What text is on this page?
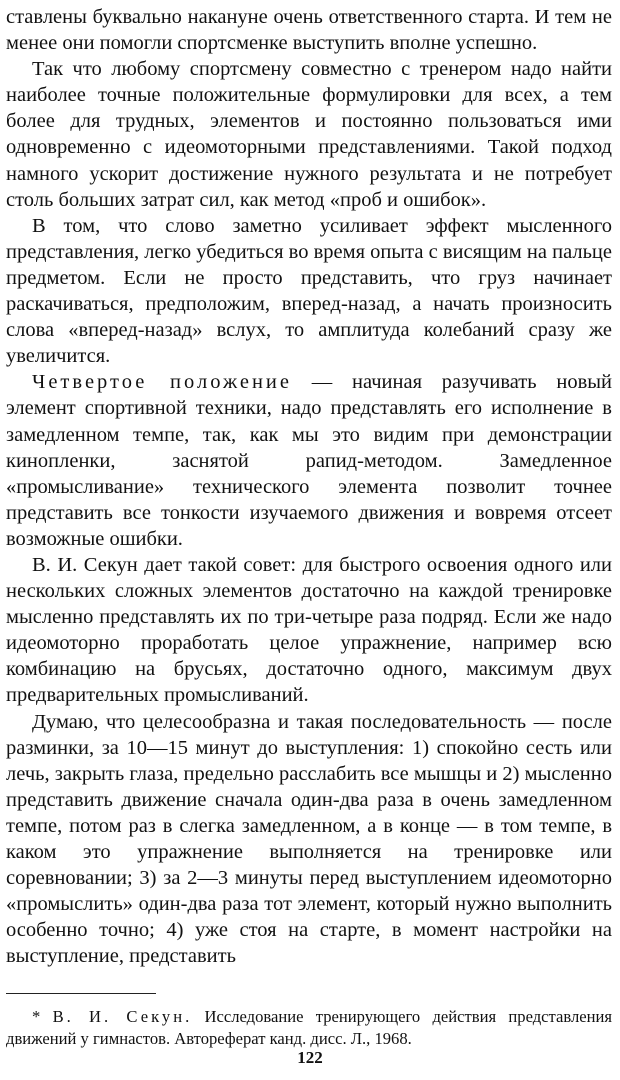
ставлены буквально накануне очень ответственного старта. И тем не менее они помогли спортсменке выступить вполне успешно.

Так что любому спортсмену совместно с тренером надо найти наиболее точные положительные формулировки для всех, а тем более для трудных, элементов и постоянно пользоваться ими одновременно с идеомоторными представлениями. Такой подход намного ускорит достижение нужного результата и не потребует столь больших затрат сил, как метод «проб и ошибок».

В том, что слово заметно усиливает эффект мысленного представления, легко убедиться во время опыта с висящим на пальце предметом. Если не просто представить, что груз начинает раскачиваться, предположим, вперед-назад, а начать произносить слова «вперед-назад» вслух, то амплитуда колебаний сразу же увеличится.

Четвертое положение — начиная разучивать новый элемент спортивной техники, надо представлять его исполнение в замедленном темпе, так, как мы это видим при демонстрации кинопленки, заснятой рапид-методом. Замедленное «промысливание» технического элемента позволит точнее представить все тонкости изучаемого движения и вовремя отсеет возможные ошибки.

В. И. Секун дает такой совет: для быстрого освоения одного или нескольких сложных элементов достаточно на каждой тренировке мысленно представлять их по три-четыре раза подряд. Если же надо идеомоторно проработать целое упражнение, например всю комбинацию на брусьях, достаточно одного, максимум двух предварительных промысливаний.

Думаю, что целесообразна и такая последовательность — после разминки, за 10—15 минут до выступления: 1) спокойно сесть или лечь, закрыть глаза, предельно расслабить все мышцы и 2) мысленно представить движение сначала один-два раза в очень замедленном темпе, потом раз в слегка замедленном, а в конце — в том темпе, в каком это упражнение выполняется на тренировке или соревновании; 3) за 2—3 минуты перед выступлением идеомоторно «промыслить» один-два раза тот элемент, который нужно выполнить особенно точно; 4) уже стоя на старте, в момент настройки на выступление, представить

* В. И. Секун. Исследование тренирующего действия представления движений у гимнастов. Автореферат канд. дисс. Л., 1968.

122
